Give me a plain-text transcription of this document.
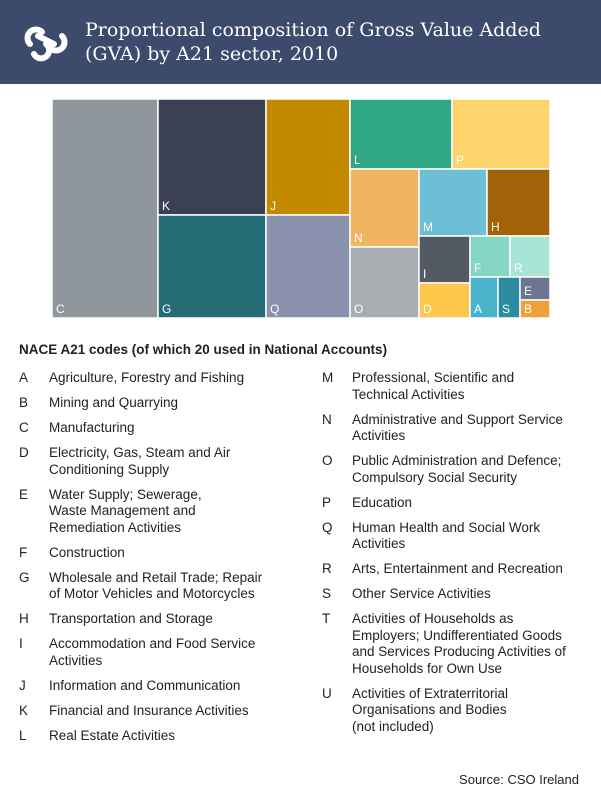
Proportional composition of Gross Value Added (GVA) by A21 sector, 2010
C
K
G
J
Q
L	P
N
M	H
O
I	F	R
D	A S
E
B
NACE A21 codes (of which 20 used in National Accounts)
A	Agriculture, Forestry and Fishing
B	Mining and Quarrying
C	Manufacturing
D	Electricity, Gas, Steam and Air
Conditioning Supply
E	Water Supply; Sewerage,
Waste Management and
Remediation Activities
F	Construction
G	Wholesale and Retail Trade; Repair
of Motor Vehicles and Motorcycles
H	Transportation and Storage
I	Accommodation and Food Service
Activities
J	Information and Communication
K	Financial and Insurance Activities
L	Real Estate Activities
M	Professional, Scientific and
Technical Activities
N	Administrative and Support Service
Activities
O	Public Administration and Defence;
Compulsory Social Security
P	Education
Q	Human Health and Social Work
Activities
R	Arts, Entertainment and Recreation
S	Other Service Activities
T	Activities of Households as
Employers; Undifferentiated Goods
and Services Producing Activities of
Households for Own Use
U	Activities of Extraterritorial
Organisations and Bodies
(not included)
Source: CSO Ireland
